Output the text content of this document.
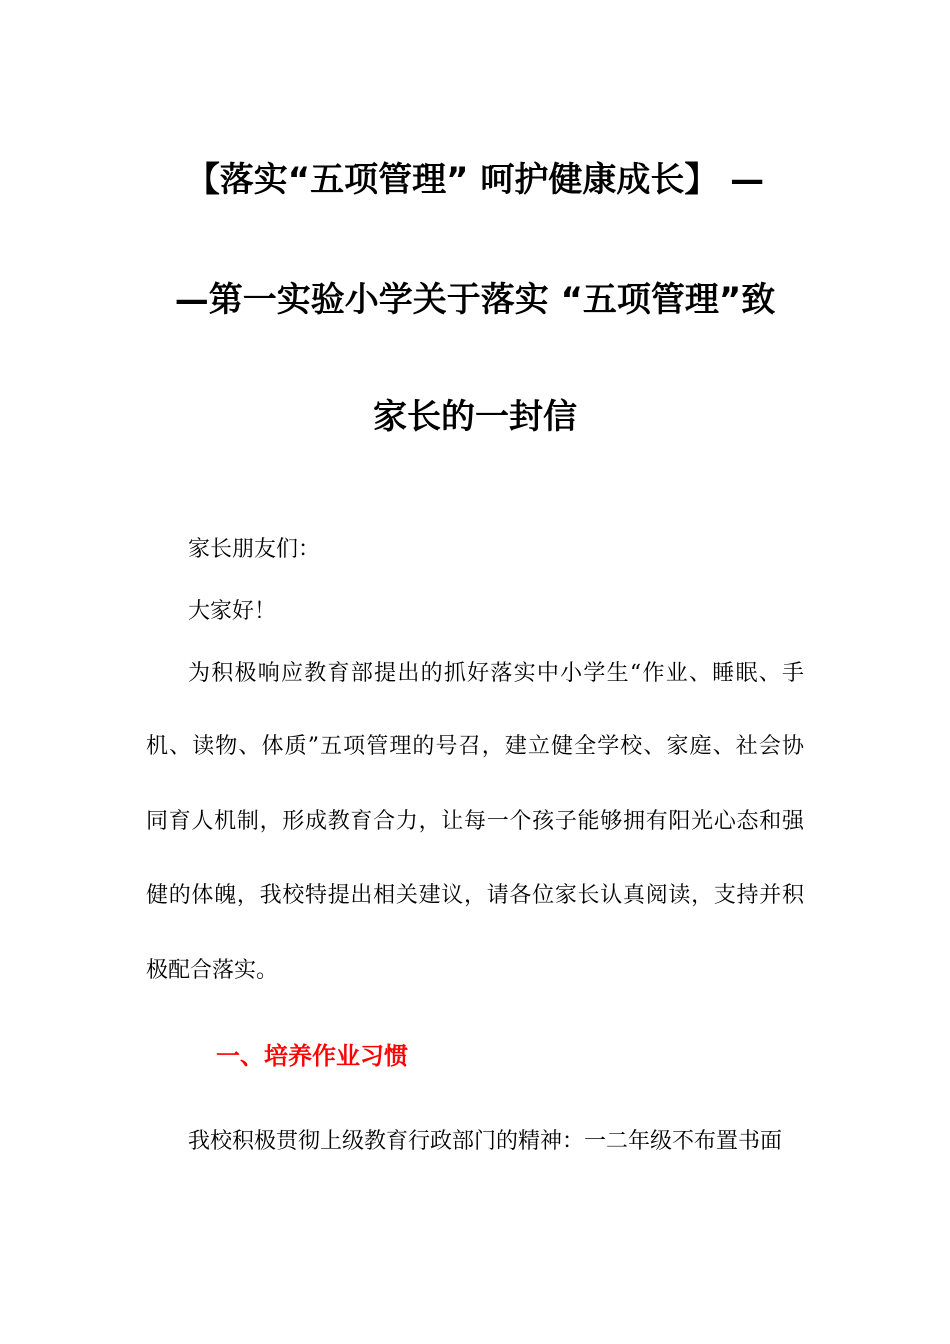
【落实“五项管理” 呵护健康成长】 —
—第一实验小学关于落实 “五项管理”致
家长的一封信
家长朋友们：
大家好！
为积极响应教育部提出的抓好落实中小学生“作业、睡眠、手
机、读物、体质”五项管理的号召，建立健全学校、家庭、社会协
同育人机制，形成教育合力，让每一个孩子能够拥有阳光心态和强
健的体魄，我校特提出相关建议，请各位家长认真阅读，支持并积
极配合落实。
一、培养作业习惯
我校积极贯彻上级教育行政部门的精神：一二年级不布置书面
